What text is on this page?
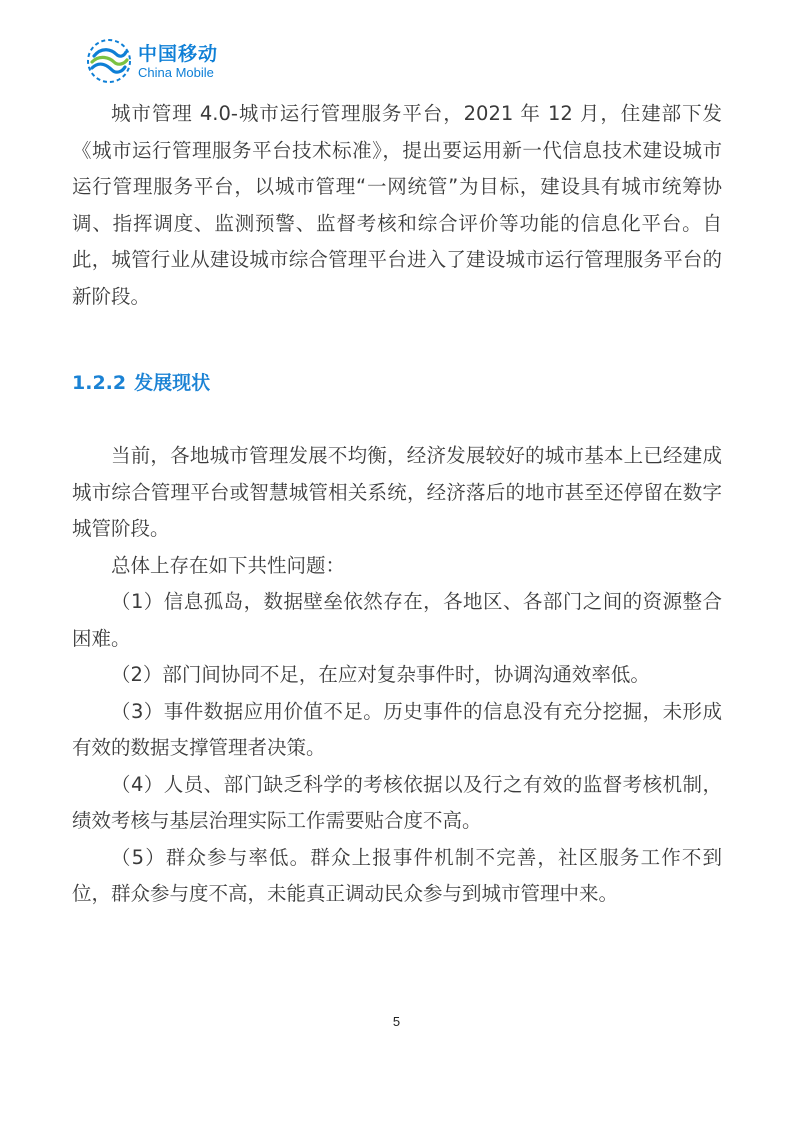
中国移动
China Mobile

城市管理 4.0-城市运行管理服务平台，2021 年 12 月，住建部下发《城市运行管理服务平台技术标准》，提出要运用新一代信息技术建设城市运行管理服务平台，以城市管理“一网统管”为目标，建设具有城市统筹协调、指挥调度、监测预警、监督考核和综合评价等功能的信息化平台。自此，城管行业从建设城市综合管理平台进入了建设城市运行管理服务平台的新阶段。

1.2.2 发展现状

当前，各地城市管理发展不均衡，经济发展较好的城市基本上已经建成城市综合管理平台或智慧城管相关系统，经济落后的地市甚至还停留在数字城管阶段。

总体上存在如下共性问题：

（1）信息孤岛，数据壁垒依然存在，各地区、各部门之间的资源整合困难。

（2）部门间协同不足，在应对复杂事件时，协调沟通效率低。

（3）事件数据应用价值不足。历史事件的信息没有充分挖掘，未形成有效的数据支撑管理者决策。

（4）人员、部门缺乏科学的考核依据以及行之有效的监督考核机制，绩效考核与基层治理实际工作需要贴合度不高。

（5）群众参与率低。群众上报事件机制不完善，社区服务工作不到位，群众参与度不高，未能真正调动民众参与到城市管理中来。

5
